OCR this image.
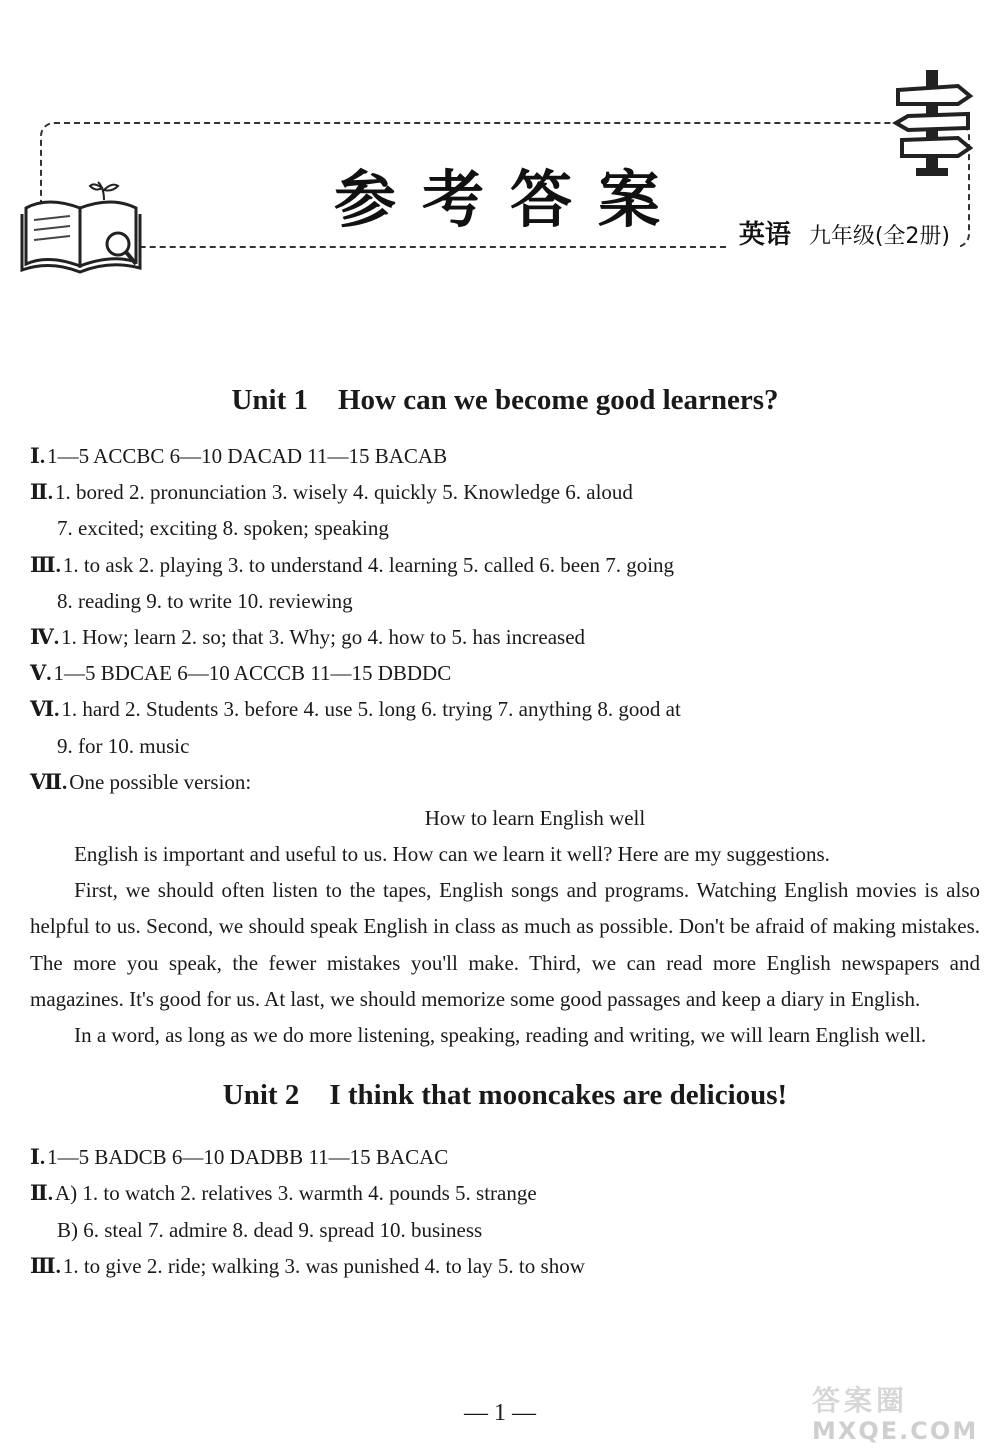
参考答案	英语 九年级(全2册)
Unit 1 How can we become good learners?
Ⅰ.1—5 ACCBC 6—10 DACAD 11—15 BACAB
Ⅱ.1. bored 2. pronunciation 3. wisely 4. quickly 5. Knowledge 6. aloud
7. excited; exciting 8. spoken; speaking
Ⅲ.1. to ask 2. playing 3. to understand 4. learning 5. called 6. been 7. going
8. reading 9. to write 10. reviewing
Ⅳ.1. How; learn 2. so; that 3. Why; go 4. how to 5. has increased
Ⅴ.1—5 BDCAE 6—10 ACCCB 11—15 DBDDC
Ⅵ.1. hard 2. Students 3. before 4. use 5. long 6. trying 7. anything 8. good at
9. for 10. music
Ⅶ.One possible version:
How to learn English well

English is important and useful to us. How can we learn it well? Here are my suggestions.

First, we should often listen to the tapes, English songs and programs. Watching English movies is also helpful to us. Second, we should speak English in class as much as possible. Don't be afraid of making mistakes. The more you speak, the fewer mistakes you'll make. Third, we can read more English newspapers and magazines. It's good for us. At last, we should memorize some good passages and keep a diary in English.

In a word, as long as we do more listening, speaking, reading and writing, we will learn English well.

Unit 2 I think that mooncakes are delicious!
Ⅰ.1—5 BADCB 6—10 DADBB 11—15 BACAC
Ⅱ.A) 1. to watch 2. relatives 3. warmth 4. pounds 5. strange
B) 6. steal 7. admire 8. dead 9. spread 10. business
Ⅲ.1. to give 2. ride; walking 3. was punished 4. to lay 5. to show
— 1 —	答案圈
MXQE.COM
